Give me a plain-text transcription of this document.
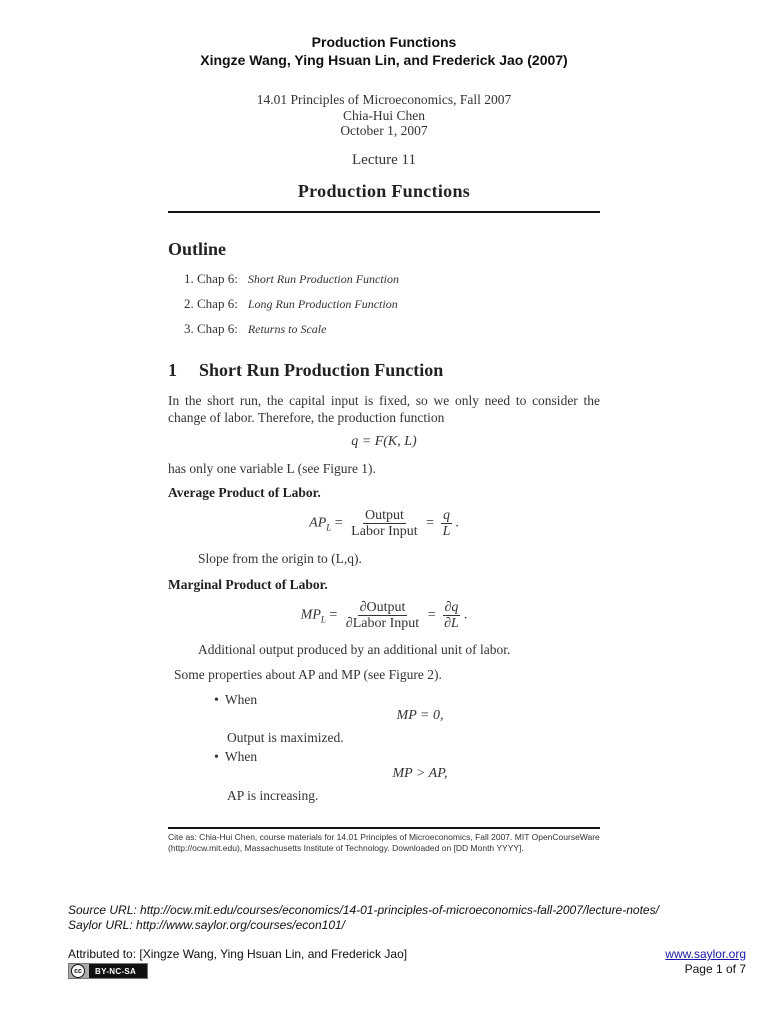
Production Functions
Xingze Wang, Ying Hsuan Lin, and Frederick Jao (2007)
14.01 Principles of Microeconomics, Fall 2007
Chia-Hui Chen
October 1, 2007
Lecture 11
Production Functions
Outline
1. Chap 6: Short Run Production Function
2. Chap 6: Long Run Production Function
3. Chap 6: Returns to Scale
1 Short Run Production Function
In the short run, the capital input is fixed, so we only need to consider the change of labor. Therefore, the production function
q = F(K, L)
has only one variable L (see Figure 1).
Average Product of Labor.
$AP_L = \frac{\text{Output}}{\text{Labor Input}} = \frac{q}{L}$ .
Slope from the origin to (L,q).
Marginal Product of Labor.
$MP_L = \frac{\text{∂Output}}{\text{∂Labor Input}} = \frac{\partial q}{\partial L}$ .
Additional output produced by an additional unit of labor.
Some properties about AP and MP (see Figure 2).
• When
MP = 0,
Output is maximized.
• When
MP > AP,
AP is increasing.
Cite as: Chia-Hui Chen, course materials for 14.01 Principles of Microeconomics, Fall 2007. MIT OpenCourseWare (http://ocw.mit.edu), Massachusetts Institute of Technology. Downloaded on [DD Month YYYY].
Source URL: http://ocw.mit.edu/courses/economics/14-01-principles-of-microeconomics-fall-2007/lecture-notes/
Saylor URL: http://www.saylor.org/courses/econ101/
Attributed to: [Xingze Wang, Ying Hsuan Lin, and Frederick Jao]
cc	BY-NC-SA
www.saylor.org
Page 1 of 7
